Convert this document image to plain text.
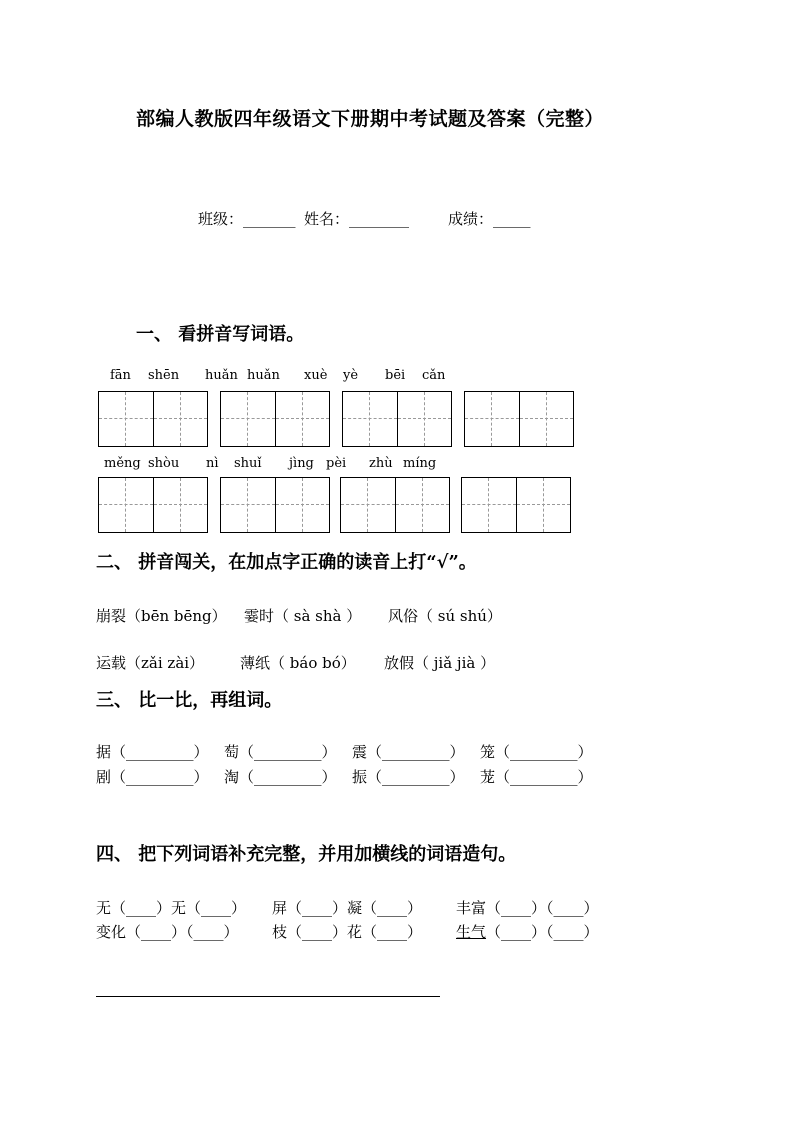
部编人教版四年级语文下册期中考试题及答案（完整）
班级：_______ 姓名：________	成绩：_____
一、 看拼音写词语。
fān shēn huǎn huǎn xuè yè bēi cǎn
měng shòu nì shuǐ jìng pèi zhù míng
二、 拼音闯关，在加点字正确的读音上打“√”。
崩裂（bēn bēng） 霎时（ sà shà ） 风俗（ sú shú）
运载（zǎi zài） 薄纸（ báo bó） 放假（ jiǎ jià ）
三、 比一比，再组词。
据（_________） 萄（_________） 震（_________） 笼（_________）
剧（_________） 淘（_________） 振（_________） 茏（_________）
四、 把下列词语补充完整，并用加横线的词语造句。
无（____）无（____） 屏（____）凝（____） 丰富（____）（____）
变化（____）（____） 枝（____）花（____） 生气（____）（____）
